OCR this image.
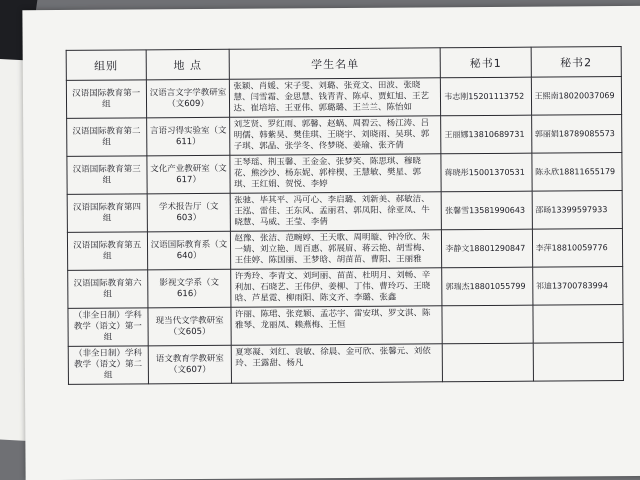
组别	地 点	学生名单	秘书1	秘书2
汉语国际教育第一组	汉语言文字学教研室（文609）	张颖、肖媛、宋子雯、刘璐、张竞文、田波、张晓慧、闫雪霜、金思慧、钱青青、陈卓、贾虹旭、王艺达、崔培培、王亚伟、郭璐璐、王兰兰、陈怡如	韦志刚15201113752	王熙南18020037069
汉语国际教育第二组	言语习得实验室（文611）	刘芝贤、罗红雨、郭馨、赵蜗、周碧云、杨江涛、吕明儒、韩紫昊、樊佳琪、王晓宇、刘晓雨、吴琪、郭子琪、郭晶、张学冬、佟梦晓、姜瑜、张齐倩	王丽娜13810689731	郭丽娟18789085573
汉语国际教育第三组	文化产业教研室（文617）	王琴瑶、荆玉馨、王金金、张梦笑、陈思琪、穆晓花、熊沙沙、杨东妮、郭梓楔、王慧敏、樊星、郭琪、王红娟、贺悦、李婷	蒋晓彤15001370531	陈永欣18811655179
汉语国际教育第四组	学术报告厅（文603）	张驰、毕其平、冯可心、李启璐、刘新美、郝敏洁、王泓、雷佳、王东风、孟丽君、郭凤阳、徐亚凤、牛晓慧、马威、王莹、李倩	张馨雪13581990643	邵旸13399597933
汉语国际教育第五组	汉语国际教育系（文640）	赵豫、张洁、范畹婷、王天歌、周明璇、钟冷欣、朱一婧、刘立艳、周百惠、郭展眉、蒋云艳、胡雪梅、王佳婷、陈国丽、王梦晗、胡苗苗、曹阳、王丽雅	李静文18801290847	李萍18810059776
汉语国际教育第六组	影视文学系（文616）	许秀玲、李青文、刘珂丽、苗苗、杜明月、刘畅、辛利加、石晓艺、王伟伊、姜柳、丁伟、曹玲巧、王晓晗、芦星霓、柳雨阳、陈文齐、李璐、张鑫	郭瑞杰18801055799	祁迪13700783994
（非全日制）学科教学（语文）第一组	现当代文学教研室（文605）	许丽、陈珺、张竞颖、孟芯宇、雷安琪、罗文淇、陈雅琴、龙丽凤、赖燕梅、王恒		

（非全日制）学科教学（语文）第二组	语文教育学教研室（文607）	夏寒凝、刘红、袁敏、徐晨、金可欣、张馨元、刘依玲、王露甜、杨凡		
